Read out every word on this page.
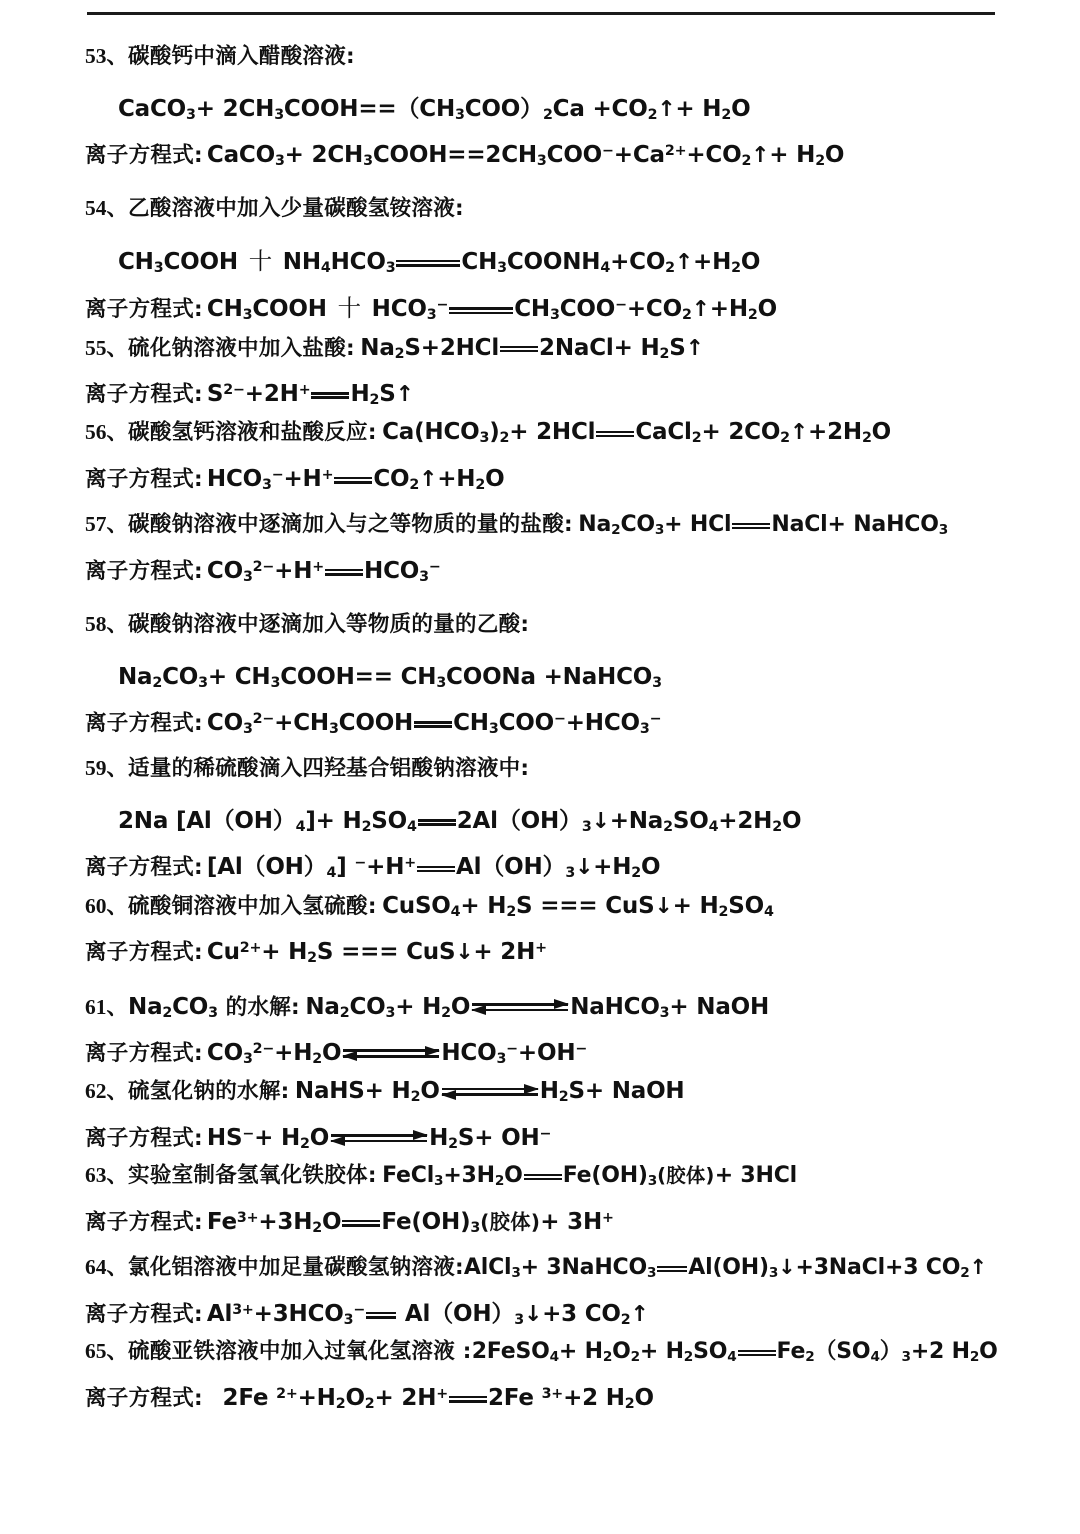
53、碳酸钙中滴入醋酸溶液:
CaCO$_3$+ $2CH_3COOH==(CH_3COO)_2Ca$ $+CO_2↑+ H_2O$
离子方程式: CaCO$_3$+ $2CH_3COOH==2CH_3COO^-+Ca^{2+}+CO_2↑+ H_2O$
54、乙酸溶液中加入少量碳酸氢铵溶液:
$CH_3COOH$ 十 $NH_4HCO_3$	$CH_3COONH_4+CO_2↑+H_2O$
离子方程式: $CH_3COOH$ 十 $HCO_3^-$	$CH_3COO^-+CO_2↑+H_2O$
55、硫化钠溶液中加入盐酸: $Na_2S+2HCl$ 2NaCl+ $H_2S↑$
离子方程式: $S^{2-}+2H^+$ $H_2S↑$
56、碳酸氢钙溶液和盐酸反应: $Ca(HCO_3)_2+ 2HCl$ CaCl$_2$+ $2CO_2↑+2H_2O$
离子方程式: $HCO_3^-+H^+$ $CO_2↑+H_2O$
57、碳酸钠溶液中逐滴加入与之等物质的量的盐酸: $Na_2CO_3+$ HCl NaCl+ NaHCO$_3$
离子方程式: $CO_3^{2-}+H^+$ $HCO_3^-$
58、碳酸钠溶液中逐滴加入等物质的量的乙酸:
$Na_2CO_3+$ $CH_3COOH==$ $CH_3COONa$ +NaHCO$_3$
离子方程式: $CO_3^{2-}+CH_3COOH$ $CH_3COO^-+HCO_3^-$
59、适量的稀硫酸滴入四羟基合铝酸钠溶液中:
2Na $[Al(OH)_4]+ H_2SO_4$ $2Al(OH)_3↓+Na_2SO_4+2H_2O$
离子方程式: $[Al(OH)_4]$ −+H+ $Al(OH)_3↓+H_2O$
60、硫酸铜溶液中加入氢硫酸: CuSO$_4$+ $H_2S$ === CuS↓+ $H_2SO_4$
离子方程式: $Cu^{2+}+ H_2S$ === CuS↓+ 2H+
61、$Na_2CO_3$ 的水解: $Na_2CO_3+ H_2O$	NaHCO$_3$+ NaOH
离子方程式: $CO_3^{2-}+H_2O$	$HCO_3^-+OH^-$
62、硫氢化钠的水解: NaHS+ $H_2O$	$H_2S+$ NaOH
离子方程式: $HS^-+ H_2O$	$H_2S+ OH^-$
63、实验室制备氢氧化铁胶体: $FeCl_3+3H_2O$ $Fe(OH)_3$(胶体)+ 3HCl
离子方程式: $Fe^{3+}+3H_2O$ $Fe(OH)_3$(胶体)+ 3H+
64、氯化铝溶液中加足量碳酸氢钠溶液:AlCl$_3$+ 3NaHCO$_3$ $Al(OH)_3↓+3NaCl+3$ $CO_2↑$
离子方程式: $Al^{3+}+3HCO_3^-$ $Al(OH)_3↓+3$ $CO_2↑$
65、硫酸亚铁溶液中加入过氧化氢溶液 :2FeSO$_4$+ $H_2O_2+ H_2SO_4$ $Fe_2(SO_4)_3+2$ $H_2O$
离子方程式:   2Fe $^{2+}+H_2O_2+ 2H^+$ 2Fe $^{3+}$+2 $H_2O$
